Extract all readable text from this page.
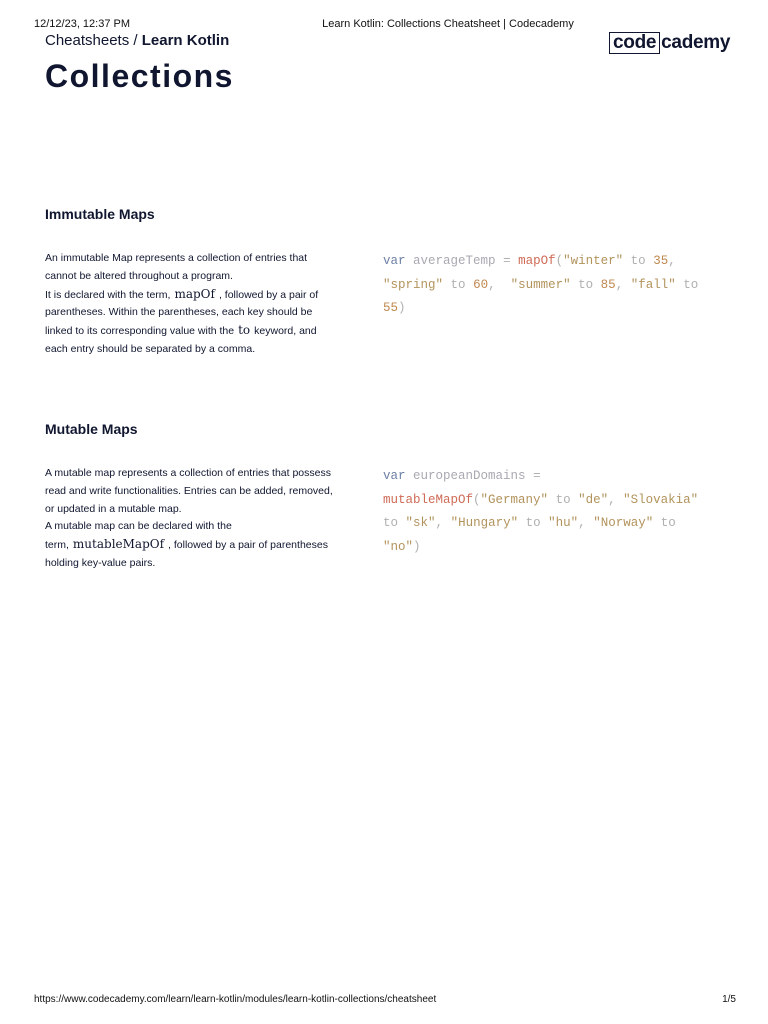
12/12/23, 12:37 PM	Learn Kotlin: Collections Cheatsheet | Codecademy
Cheatsheets / Learn Kotlin	code cademy
Collections
Immutable Maps

An immutable Map represents a collection of entries that cannot be altered throughout a program.

It is declared with the term, mapOf , followed by a pair of parentheses. Within the parentheses, each key should be linked to its corresponding value with the to keyword, and each entry should be separated by a comma.

var averageTemp = mapOf("winter" to 35,
"spring" to 60, "summer" to 85, "fall" to
55)
Mutable Maps

A mutable map represents a collection of entries that possess read and write functionalities. Entries can be added, removed, or updated in a mutable map.

A mutable map can be declared with the term, mutableMapOf , followed by a pair of parentheses holding key-value pairs.

var europeanDomains =
mutableMapOf("Germany" to "de", "Slovakia"
to "sk", "Hungary" to "hu", "Norway" to
"no")
https://www.codecademy.com/learn/learn-kotlin/modules/learn-kotlin-collections/cheatsheet	1/5
